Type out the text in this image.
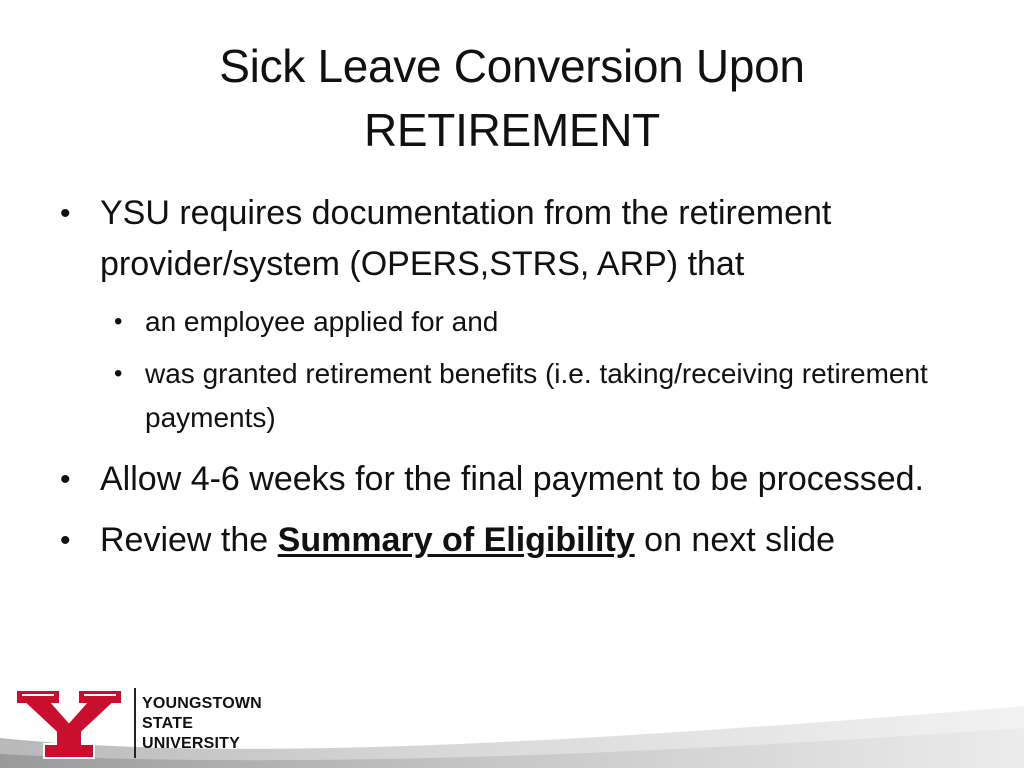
Sick Leave Conversion Upon
RETIREMENT
• YSU requires documentation from the retirement provider/system (OPERS,STRS, ARP) that
• an employee applied for and
• was granted retirement benefits (i.e. taking/receiving retirement payments)
• Allow 4-6 weeks for the final payment to be processed.
• Review the Summary of Eligibility on next slide
YOUNGSTOWN
STATE
UNIVERSITY
